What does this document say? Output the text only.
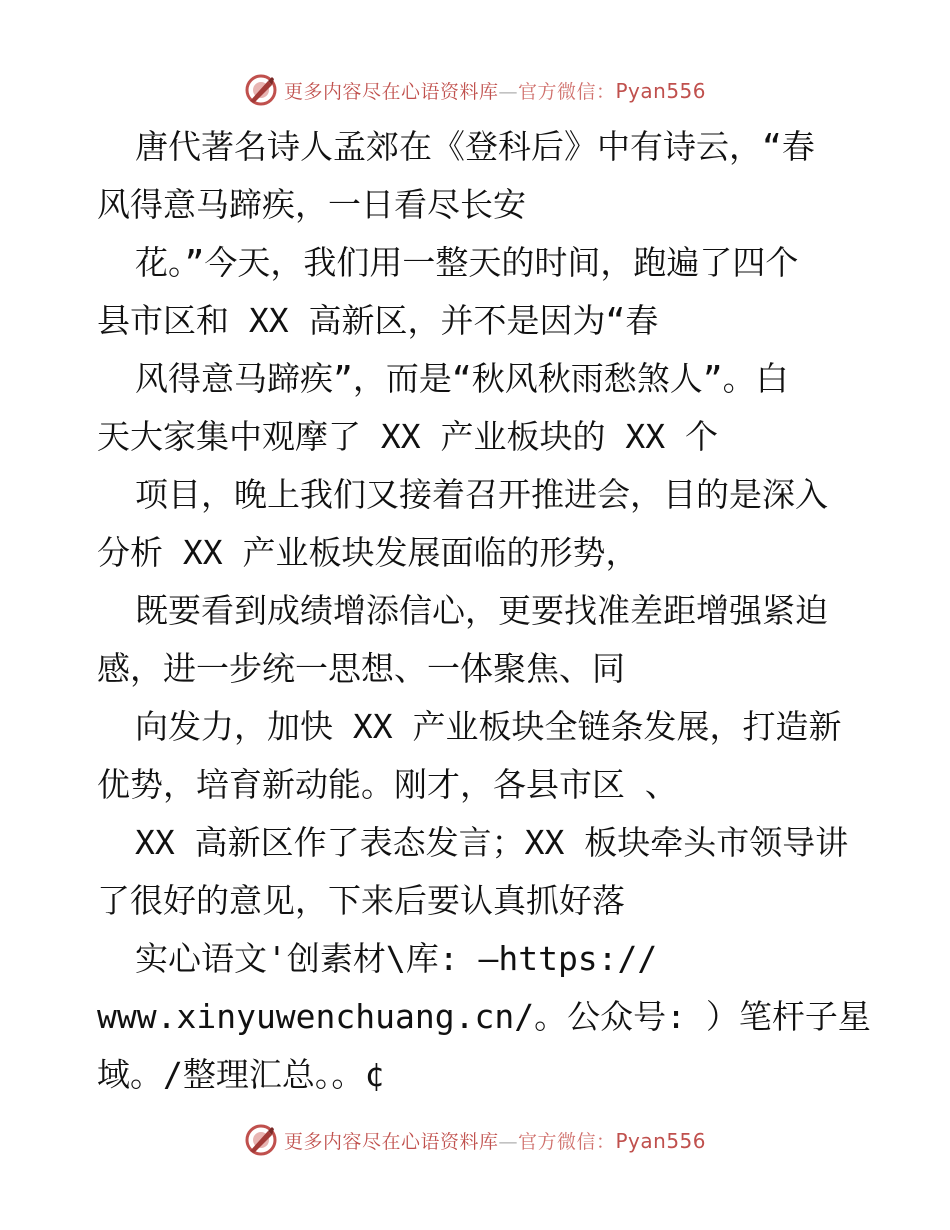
更多内容尽在心语资料库—官方微信：Pyan556
唐代著名诗人孟郊在《登科后》中有诗云，“春
风得意马蹄疾，一日看尽长安
花。”今天，我们用一整天的时间，跑遍了四个
县市区和 XX 高新区，并不是因为“春
风得意马蹄疾”，而是“秋风秋雨愁煞人”。白
天大家集中观摩了 XX 产业板块的 XX 个
项目，晚上我们又接着召开推进会，目的是深入
分析 XX 产业板块发展面临的形势，
既要看到成绩增添信心，更要找准差距增强紧迫
感，进一步统一思想、一体聚焦、同
向发力，加快 XX 产业板块全链条发展，打造新
优势，培育新动能。刚才，各县市区 、
XX 高新区作了表态发言；XX 板块牵头市领导讲
了很好的意见，下来后要认真抓好落
实心语文'创素材\库: —https://
www.xinyuwenchuang.cn/。公众号: ）笔杆子星
域。/整理汇总。。¢
更多内容尽在心语资料库—官方微信：Pyan556
